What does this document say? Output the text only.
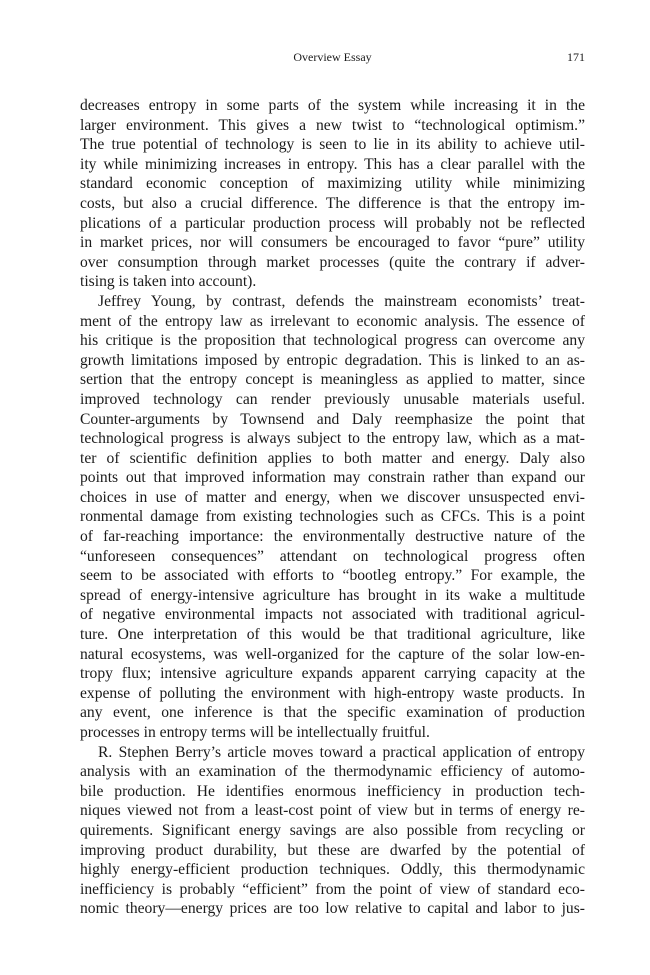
Overview Essay	171
decreases entropy in some parts of the system while increasing it in the
larger environment. This gives a new twist to “technological optimism.”
The true potential of technology is seen to lie in its ability to achieve util-
ity while minimizing increases in entropy. This has a clear parallel with the
standard economic conception of maximizing utility while minimizing
costs, but also a crucial difference. The difference is that the entropy im-
plications of a particular production process will probably not be reflected
in market prices, nor will consumers be encouraged to favor “pure” utility
over consumption through market processes (quite the contrary if adver-
tising is taken into account).
Jeffrey Young, by contrast, defends the mainstream economists’ treat-
ment of the entropy law as irrelevant to economic analysis. The essence of
his critique is the proposition that technological progress can overcome any
growth limitations imposed by entropic degradation. This is linked to an as-
sertion that the entropy concept is meaningless as applied to matter, since
improved technology can render previously unusable materials useful.
Counter-arguments by Townsend and Daly reemphasize the point that
technological progress is always subject to the entropy law, which as a mat-
ter of scientific definition applies to both matter and energy. Daly also
points out that improved information may constrain rather than expand our
choices in use of matter and energy, when we discover unsuspected envi-
ronmental damage from existing technologies such as CFCs. This is a point
of far-reaching importance: the environmentally destructive nature of the
“unforeseen consequences” attendant on technological progress often
seem to be associated with efforts to “bootleg entropy.” For example, the
spread of energy-intensive agriculture has brought in its wake a multitude
of negative environmental impacts not associated with traditional agricul-
ture. One interpretation of this would be that traditional agriculture, like
natural ecosystems, was well-organized for the capture of the solar low-en-
tropy flux; intensive agriculture expands apparent carrying capacity at the
expense of polluting the environment with high-entropy waste products. In
any event, one inference is that the specific examination of production
processes in entropy terms will be intellectually fruitful.
R. Stephen Berry’s article moves toward a practical application of entropy
analysis with an examination of the thermodynamic efficiency of automo-
bile production. He identifies enormous inefficiency in production tech-
niques viewed not from a least-cost point of view but in terms of energy re-
quirements. Significant energy savings are also possible from recycling or
improving product durability, but these are dwarfed by the potential of
highly energy-efficient production techniques. Oddly, this thermodynamic
inefficiency is probably “efficient” from the point of view of standard eco-
nomic theory—energy prices are too low relative to capital and labor to jus-
